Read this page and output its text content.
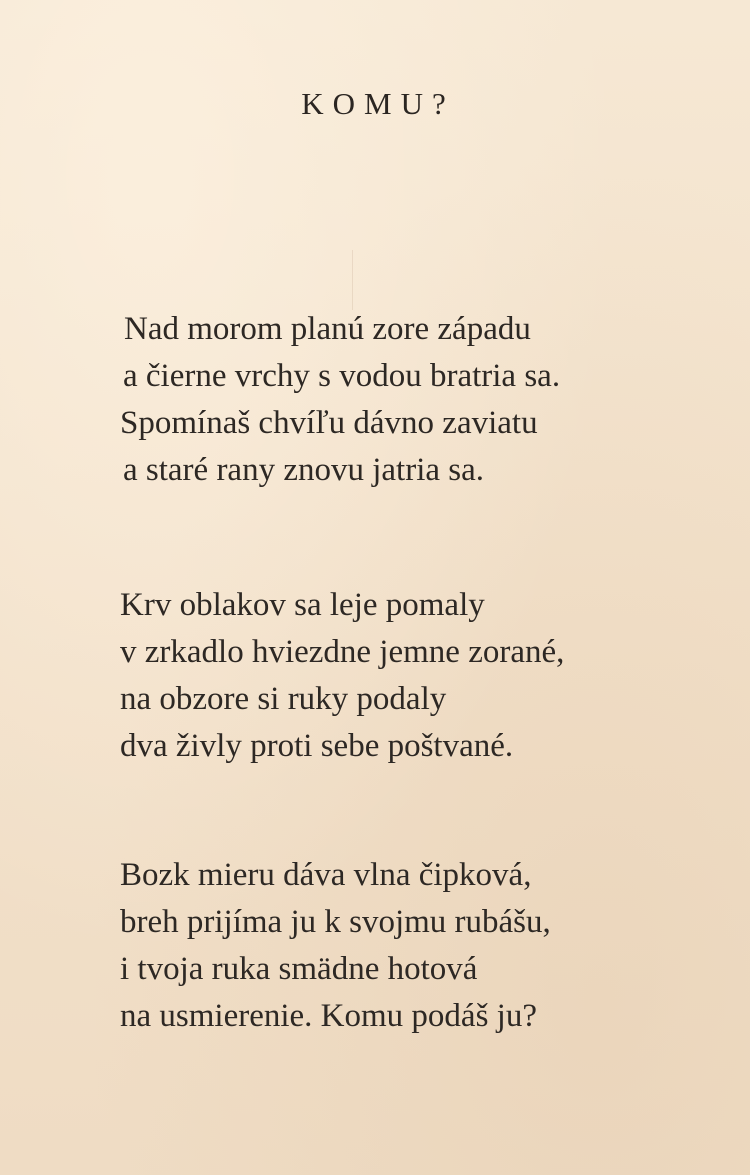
KOMU?
Nad morom planú zore západu
a čierne vrchy s vodou bratria sa.
Spomínaš chvíľu dávno zaviatu
a staré rany znovu jatria sa.
Krv oblakov sa leje pomaly
v zrkadlo hviezdne jemne zorané,
na obzore si ruky podaly
dva živly proti sebe poštvané.
Bozk mieru dáva vlna čipková,
breh prijíma ju k svojmu rubášu,
i tvoja ruka smädne hotová
na usmierenie. Komu podáš ju?
